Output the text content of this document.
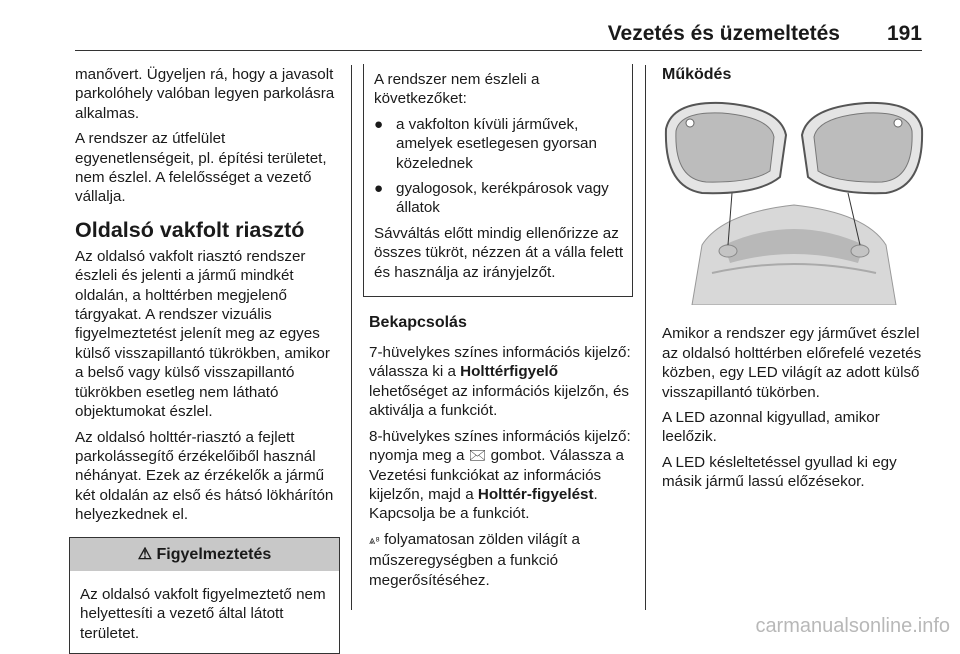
Vezetés és üzemeltetés 191

manővert. Ügyeljen rá, hogy a javasolt parkolóhely valóban legyen parkolásra alkalmas.

A rendszer az útfelület egyenetlenségeit, pl. építési területet, nem észlel. A felelősséget a vezető vállalja.

Oldalsó vakfolt riasztó

Az oldalsó vakfolt riasztó rendszer észleli és jelenti a jármű mindkét oldalán, a holttérben megjelenő tárgyakat. A rendszer vizuális figyelmeztetést jelenít meg az egyes külső visszapillantó tükrökben, amikor a belső vagy külső visszapillantó tükrökben esetleg nem látható objektumokat észlel.

Az oldalsó holttér-riasztó a fejlett parkolássegítő érzékelőiből használ néhányat. Ezek az érzékelők a jármű két oldalán az első és hátsó lökhárítón helyezkednek el.

⚠ Figyelmeztetés
Az oldalsó vakfolt figyelmeztető nem helyettesíti a vezető által látott területet.

A rendszer nem észleli a következőket:

● a vakfolton kívüli járművek, amelyek esetlegesen gyorsan közelednek
● gyalogosok, kerékpárosok vagy állatok

Sávváltás előtt mindig ellenőrizze az összes tükröt, nézzen át a válla felett és használja az irányjelzőt.

Bekapcsolás

7-hüvelykes színes információs kijelző: válassza ki a Holttérfigyelő lehetőséget az információs kijelzőn, és aktiválja a funkciót.

8-hüvelykes színes információs kijelző: nyomja meg a 🖂 gombot. Válassza a Vezetési funkciókat az információs kijelzőn, majd a Holttér-figyelést. Kapcsolja be a funkciót.

⩓⁸ folyamatosan zölden világít a műszeregységben a funkció megerősítéséhez.

Működés

Amikor a rendszer egy járművet észlel az oldalsó holttérben előrefelé vezetés közben, egy LED világít az adott külső visszapillantó tükörben.

A LED azonnal kigyullad, amikor leelőzik.

A LED késleltetéssel gyullad ki egy másik jármű lassú előzésekor.

carmanualsonline.info
